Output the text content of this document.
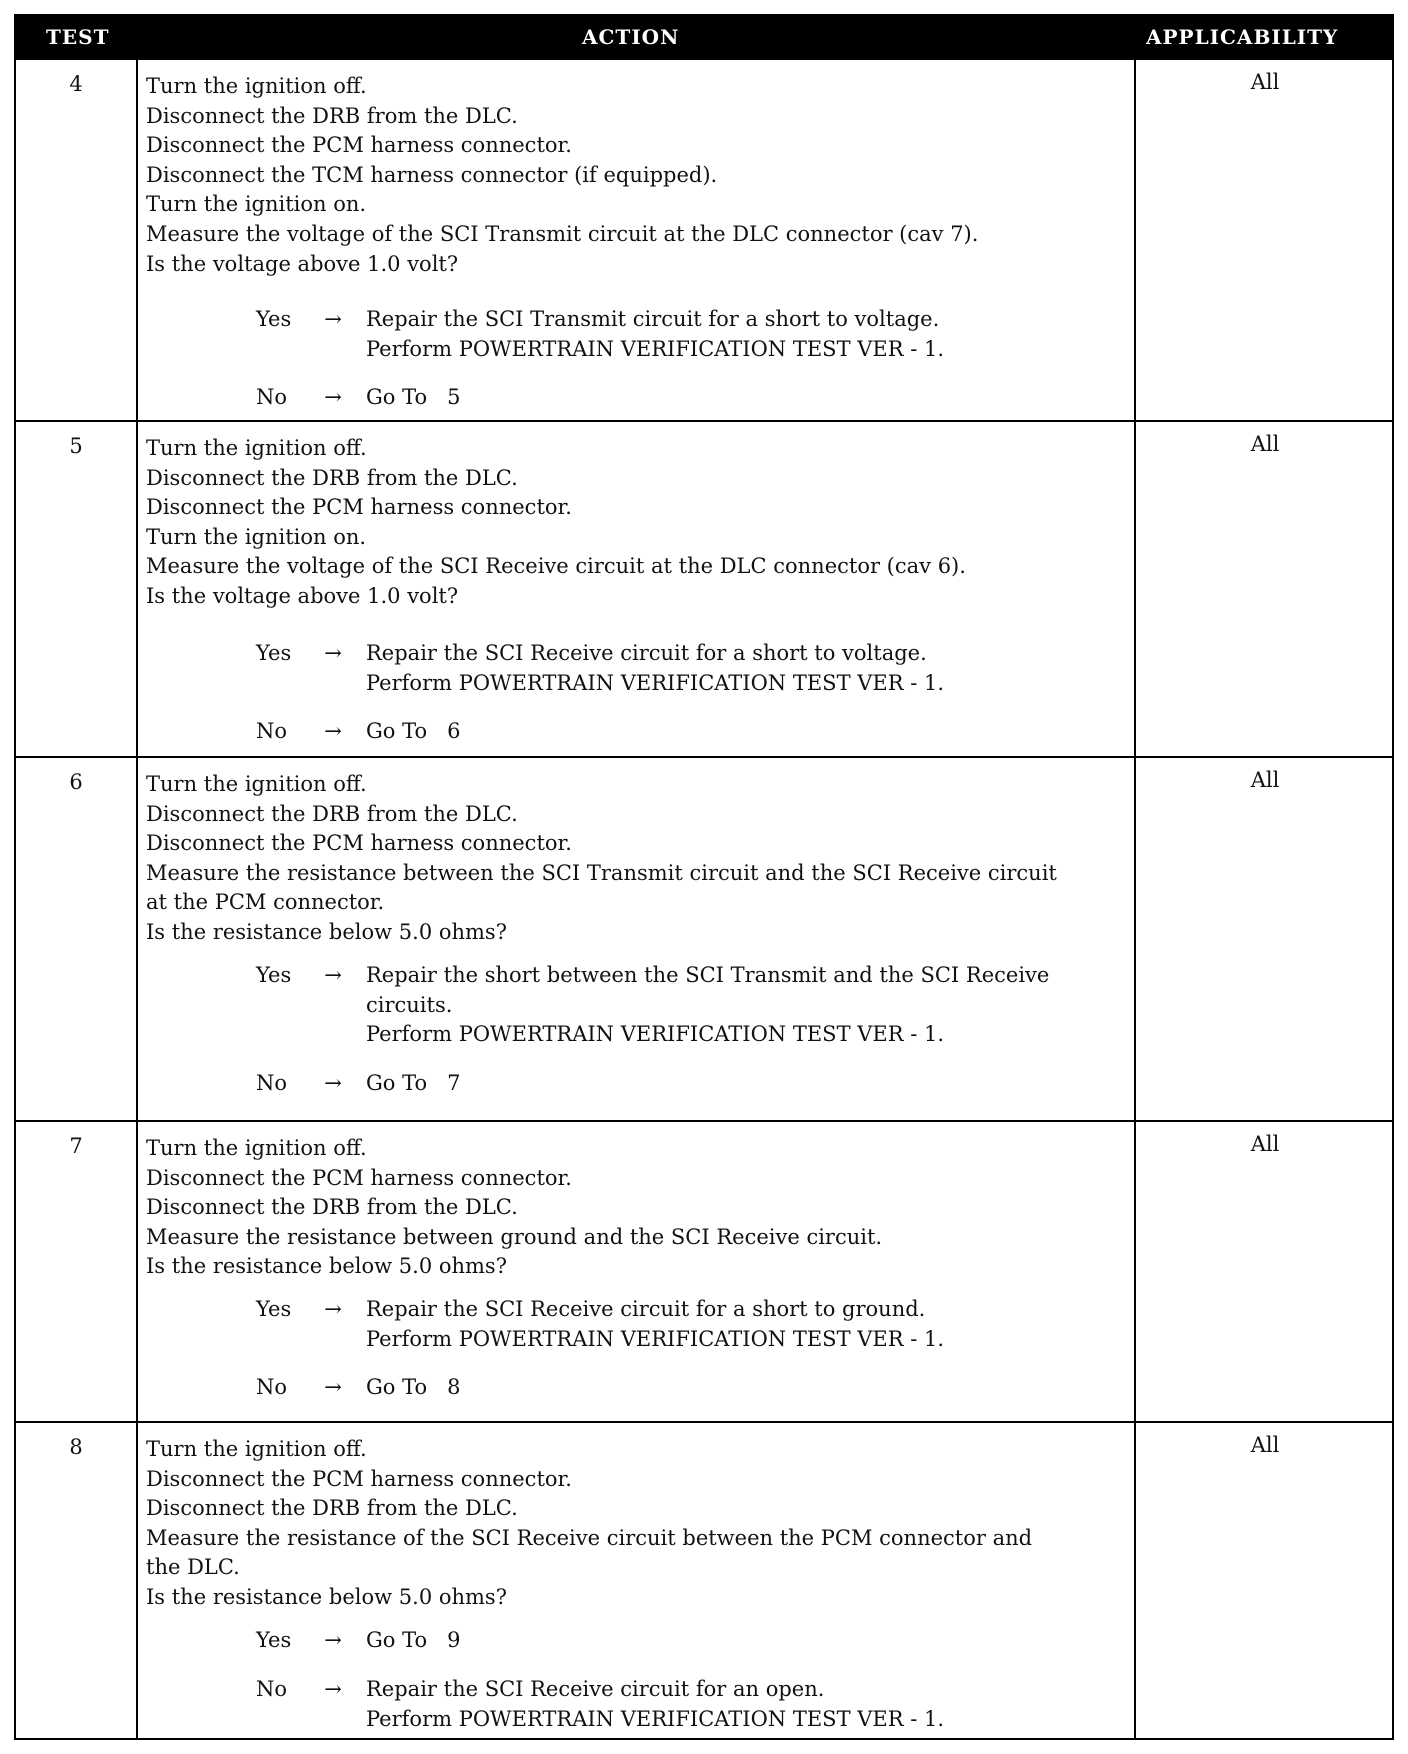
TEST	ACTION	APPLICABILITY
4	Turn the ignition off.
Disconnect the DRB from the DLC.
Disconnect the PCM harness connector.
Disconnect the TCM harness connector (if equipped).
Turn the ignition on.
Measure the voltage of the SCI Transmit circuit at the DLC connector (cav 7).
Is the voltage above 1.0 volt?
Yes	→ Repair the SCI Transmit circuit for a short to voltage.
Perform POWERTRAIN VERIFICATION TEST VER - 1.
No	→ Go To   5
All
5	Turn the ignition off.
Disconnect the DRB from the DLC.
Disconnect the PCM harness connector.
Turn the ignition on.
Measure the voltage of the SCI Receive circuit at the DLC connector (cav 6).
Is the voltage above 1.0 volt?
Yes	→ Repair the SCI Receive circuit for a short to voltage.
Perform POWERTRAIN VERIFICATION TEST VER - 1.
No	→ Go To   6
All
6	Turn the ignition off.
Disconnect the DRB from the DLC.
Disconnect the PCM harness connector.
Measure the resistance between the SCI Transmit circuit and the SCI Receive circuit
at the PCM connector.
Is the resistance below 5.0 ohms?
Yes	→ Repair the short between the SCI Transmit and the SCI Receive
circuits.
Perform POWERTRAIN VERIFICATION TEST VER - 1.
No	→ Go To   7
All
7	Turn the ignition off.
Disconnect the PCM harness connector.
Disconnect the DRB from the DLC.
Measure the resistance between ground and the SCI Receive circuit.
Is the resistance below 5.0 ohms?
Yes	→ Repair the SCI Receive circuit for a short to ground.
Perform POWERTRAIN VERIFICATION TEST VER - 1.
No	→ Go To   8
All
8	Turn the ignition off.
Disconnect the PCM harness connector.
Disconnect the DRB from the DLC.
Measure the resistance of the SCI Receive circuit between the PCM connector and
the DLC.
Is the resistance below 5.0 ohms?
Yes	→ Go To   9
No	→ Repair the SCI Receive circuit for an open.
Perform POWERTRAIN VERIFICATION TEST VER - 1.
All
